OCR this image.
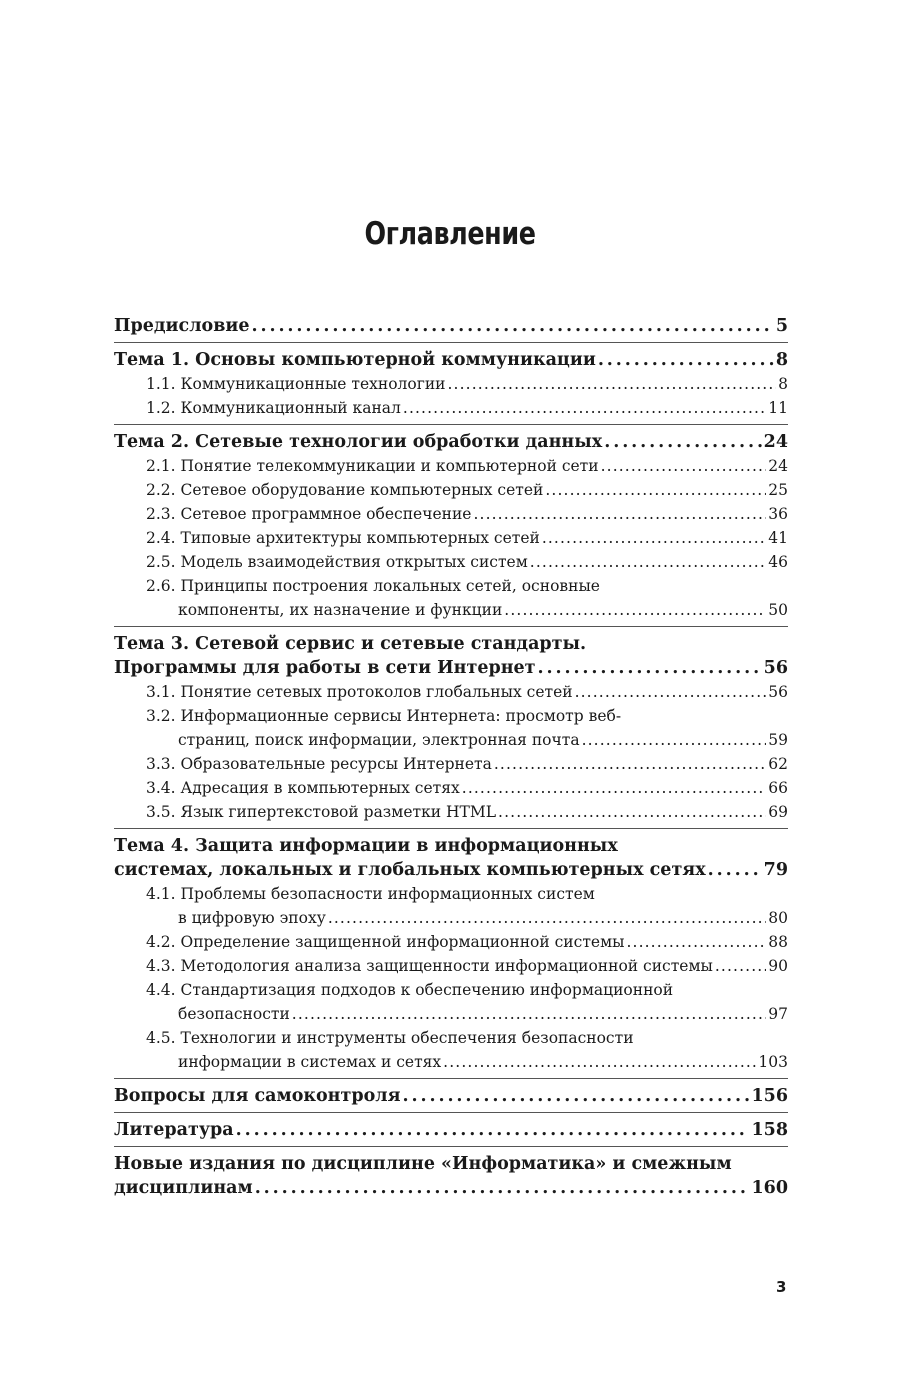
Оглавление
Предисловие . . .	5
Тема 1. Основы компьютерной коммуникации . . .	8
1.1. Коммуникационные технологии . . .	8
1.2. Коммуникационный канал . . .	11
Тема 2. Сетевые технологии обработки данных . . .	24
2.1. Понятие телекоммуникации и компьютерной сети . . .	24
2.2. Сетевое оборудование компьютерных сетей . . .	25
2.3. Сетевое программное обеспечение . . .	36
2.4. Типовые архитектуры компьютерных сетей . . .	41
2.5. Модель взаимодействия открытых систем . . .	46
2.6. Принципы построения локальных сетей, основные
компоненты, их назначение и функции . . .	50
Тема 3. Сетевой сервис и сетевые стандарты.
Программы для работы в сети Интернет . . .	56
3.1. Понятие сетевых протоколов глобальных сетей . . .	56
3.2. Информационные сервисы Интернета: просмотр веб-
страниц, поиск информации, электронная почта . . .	59
3.3. Образовательные ресурсы Интернета . . .	62
3.4. Адресация в компьютерных сетях . . .	66
3.5. Язык гипертекстовой разметки HTML . . .	69
Тема 4. Защита информации в информационных
системах, локальных и глобальных компьютерных сетях . . .	79
4.1. Проблемы безопасности информационных систем
в цифровую эпоху . . .	80
4.2. Определение защищенной информационной системы . . .	88
4.3. Методология анализа защищенности информационной системы . . .	90
4.4. Стандартизация подходов к обеспечению информационной
безопасности . . .	97
4.5. Технологии и инструменты обеспечения безопасности
информации в системах и сетях . . .	103
Вопросы для самоконтроля . . .	156
Литература . . .	158
Новые издания по дисциплине «Информатика» и смежным
дисциплинам . . .	160
3
